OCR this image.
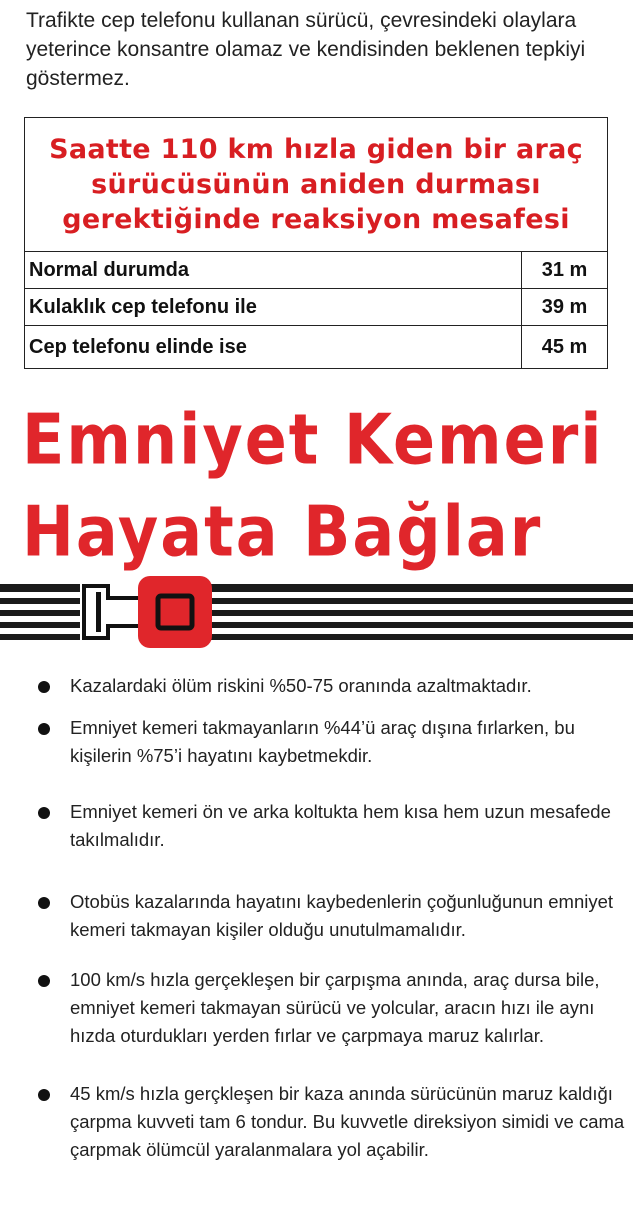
Trafikte cep telefonu kullanan sürücü, çevresindeki olaylara yeterince konsantre olamaz ve kendisinden beklenen tepkiyi göstermez.
Saatte 110 km hızla giden bir araç
sürücüsünün aniden durması
gerektiğinde reaksiyon mesafesi
Normal durumda	31 m
Kulaklık cep telefonu ile	39 m
Cep telefonu elinde ise	45 m
Emniyet Kemeri
Hayata Bağlar
Kazalardaki ölüm riskini %50-75 oranında azaltmaktadır.
Emniyet kemeri takmayanların %44’ü araç dışına fırlarken, bu kişilerin %75’i hayatını kaybetmekdir.
Emniyet kemeri ön ve arka koltukta hem kısa hem uzun mesafede takılmalıdır.
Otobüs kazalarında hayatını kaybedenlerin çoğunluğunun emniyet kemeri takmayan kişiler olduğu unutulmamalıdır.
100 km/s hızla gerçekleşen bir çarpışma anında, araç dursa bile, emniyet kemeri takmayan sürücü ve yolcular, aracın hızı ile aynı hızda oturdukları yerden fırlar ve çarpmaya maruz kalırlar.
45 km/s hızla gerçkleşen bir kaza anında sürücünün maruz kaldığı çarpma kuvveti tam 6 tondur. Bu kuvvetle direksiyon simidi ve cama çarpmak ölümcül yaralanmalara yol açabilir.
